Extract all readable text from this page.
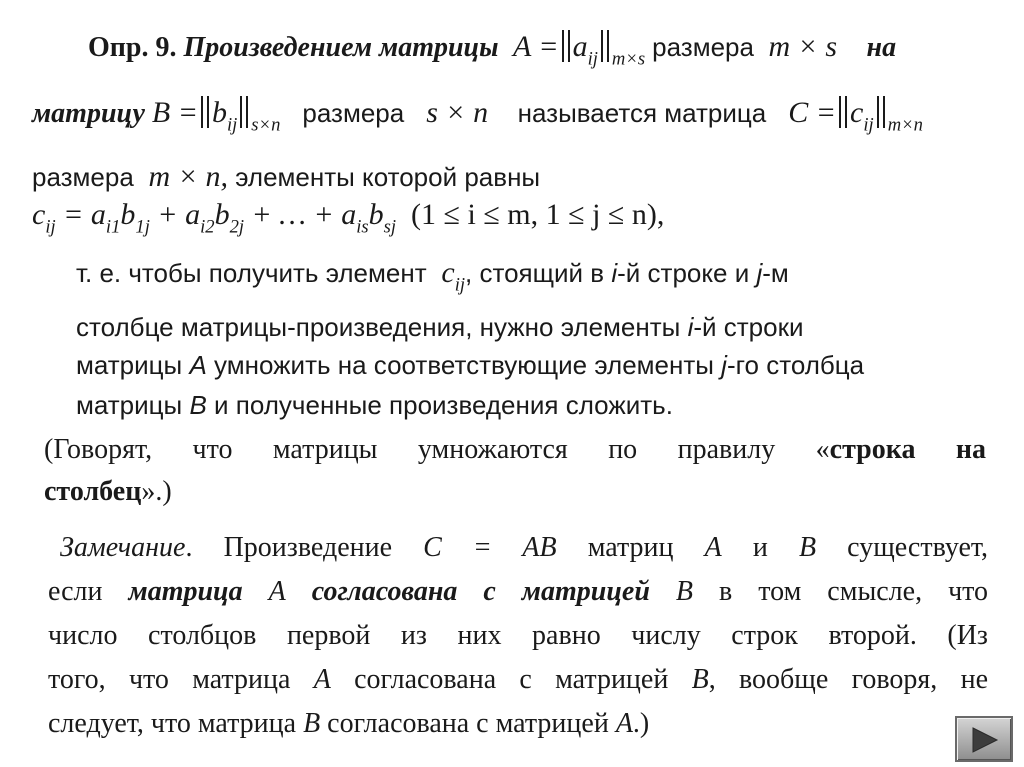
Опр. 9. Произведением матрицы  $A = a_{ij}$ $_{m\times s}$ размера  m × s    на
матрицу $B = b_{ij}$ $_{s\times n}$ размера   s × n    называется матрица   $C = c_{ij}$ $_{m\times n}$
размера  m × n, элементы которой равны
$c_{ij} = a_{i1}b_{1j} + a_{i2}b_{2j}$ + … + $a_{is}b_{sj}$ (1 ≤ i ≤ m, 1 ≤ j ≤ n),
т. е. чтобы получить элемент  $c_{ij}$, стоящий в i-й строке и j-м
столбце матрицы-произведения, нужно элементы i-й строки
матрицы A умножить на соответствующие элементы j-го столбца
матрицы B и полученные произведения сложить.
(Говорят, что матрицы умножаются по правилу «строка на
столбец».)
Замечание. Произведение C = AB матриц A и B существует,
если матрица A согласована с матрицей B в том смысле, что
число столбцов первой из них равно числу строк второй. (Из
того, что матрица A согласована с матрицей B, вообще говоря, не
следует, что матрица B согласована с матрицей A.)
